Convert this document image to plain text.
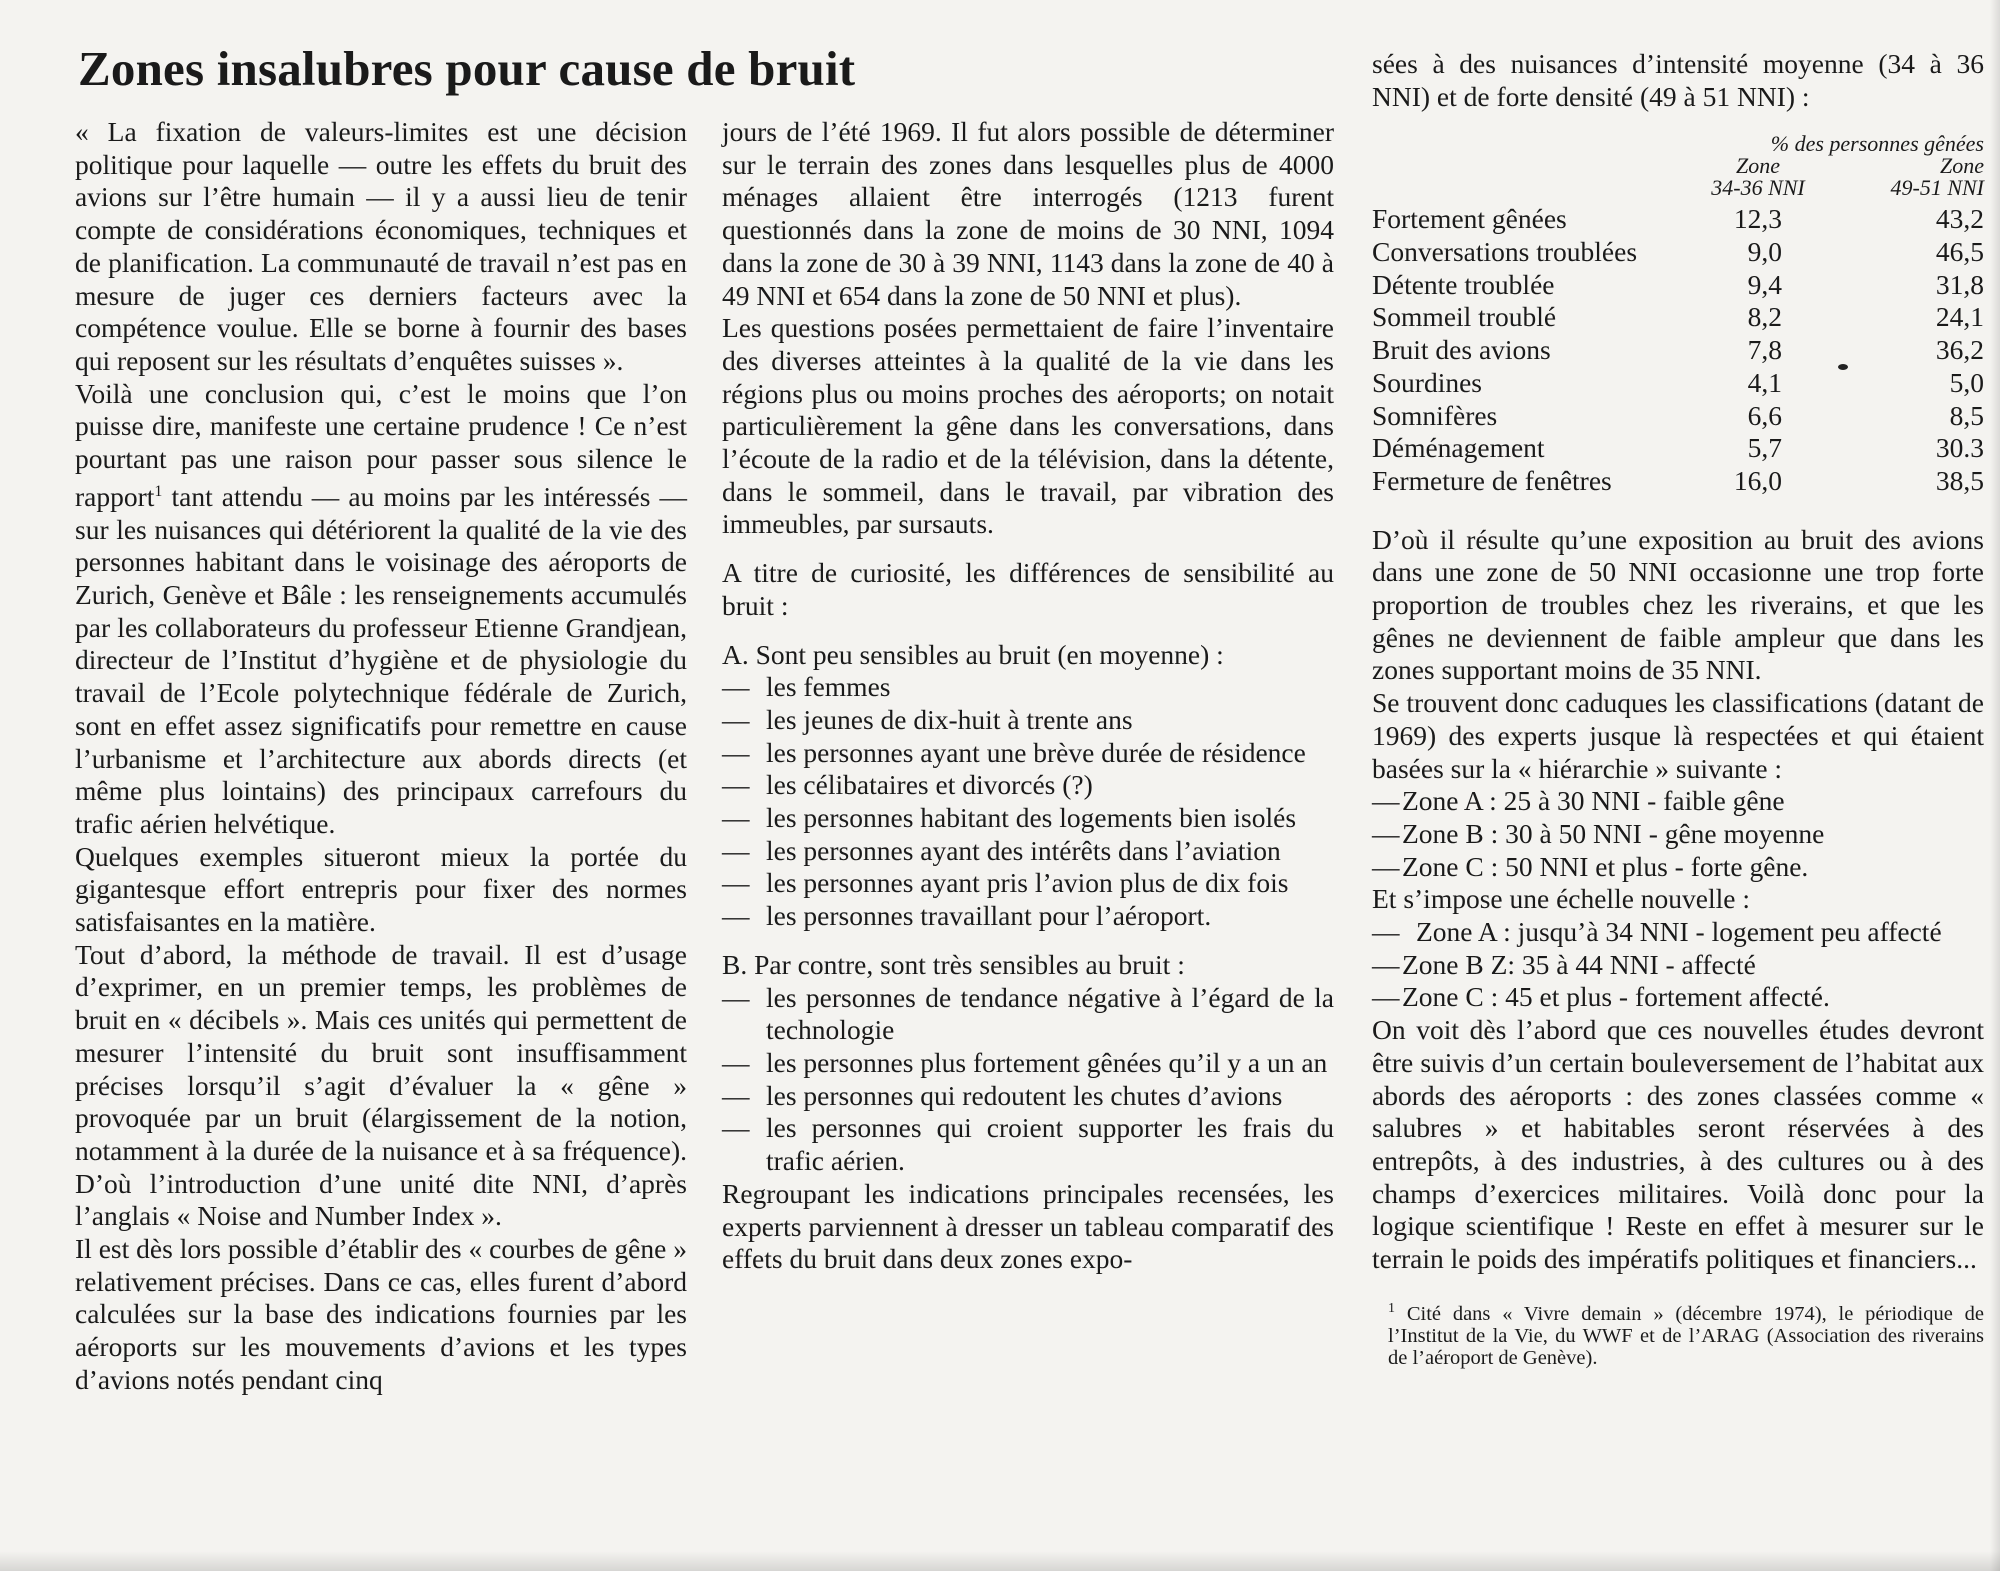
Zones insalubres pour cause de bruit

« La fixation de valeurs-limites est une décision politique pour laquelle — outre les effets du bruit des avions sur l’être humain — il y a aussi lieu de tenir compte de considérations économiques, techniques et de planification. La communauté de travail n’est pas en mesure de juger ces derniers facteurs avec la compétence voulue. Elle se borne à fournir des bases qui reposent sur les résultats d’enquêtes suisses ».

Voilà une conclusion qui, c’est le moins que l’on puisse dire, manifeste une certaine prudence ! Ce n’est pourtant pas une raison pour passer sous silence le rapport$^1$ tant attendu — au moins par les intéressés — sur les nuisances qui détériorent la qualité de la vie des personnes habitant dans le voisinage des aéroports de Zurich, Genève et Bâle : les renseignements accumulés par les collaborateurs du professeur Etienne Grandjean, directeur de l’Institut d’hygiène et de physiologie du travail de l’Ecole polytechnique fédérale de Zurich, sont en effet assez significatifs pour remettre en cause l’urbanisme et l’architecture aux abords directs (et même plus lointains) des principaux carrefours du trafic aérien helvétique.

Quelques exemples situeront mieux la portée du gigantesque effort entrepris pour fixer des normes satisfaisantes en la matière.

Tout d’abord, la méthode de travail. Il est d’usage d’exprimer, en un premier temps, les problèmes de bruit en « décibels ». Mais ces unités qui permettent de mesurer l’intensité du bruit sont insuffisamment précises lorsqu’il s’agit d’évaluer la « gêne » provoquée par un bruit (élargissement de la notion, notamment à la durée de la nuisance et à sa fréquence). D’où l’introduction d’une unité dite NNI, d’après l’anglais « Noise and Number Index ».

Il est dès lors possible d’établir des « courbes de gêne » relativement précises. Dans ce cas, elles furent d’abord calculées sur la base des indications fournies par les aéroports sur les mouvements d’avions et les types d’avions notés pendant cinq

jours de l’été 1969. Il fut alors possible de déterminer sur le terrain des zones dans lesquelles plus de 4000 ménages allaient être interrogés (1213 furent questionnés dans la zone de moins de 30 NNI, 1094 dans la zone de 30 à 39 NNI, 1143 dans la zone de 40 à 49 NNI et 654 dans la zone de 50 NNI et plus).

Les questions posées permettaient de faire l’inventaire des diverses atteintes à la qualité de la vie dans les régions plus ou moins proches des aéroports; on notait particulièrement la gêne dans les conversations, dans l’écoute de la radio et de la télévision, dans la détente, dans le sommeil, dans le travail, par vibration des immeubles, par sursauts.

A titre de curiosité, les différences de sensibilité au bruit :

A. Sont peu sensibles au bruit (en moyenne) :

— les femmes
— les jeunes de dix-huit à trente ans
— les personnes ayant une brève durée de résidence
— les célibataires et divorcés (?)
— les personnes habitant des logements bien isolés
— les personnes ayant des intérêts dans l’aviation
— les personnes ayant pris l’avion plus de dix fois
— les personnes travaillant pour l’aéroport.

B. Par contre, sont très sensibles au bruit :

— les personnes de tendance négative à l’égard de la technologie
— les personnes plus fortement gênées qu’il y a un an
— les personnes qui redoutent les chutes d’avions
— les personnes qui croient supporter les frais du trafic aérien.

Regroupant les indications principales recensées, les experts parviennent à dresser un tableau comparatif des effets du bruit dans deux zones expo-

sées à des nuisances d’intensité moyenne (34 à 36 NNI) et de forte densité (49 à 51 NNI) :

% des personnes gênées
Zone
34-36 NNI
Zone
49-51 NNI
Fortement gênées	12,3	43,2
Conversations troublées	9,0	46,5
Détente troublée	9,4	31,8
Sommeil troublé	8,2	24,1
Bruit des avions	7,8	36,2
Sourdines	4,1	5,0
Somnifères	6,6	8,5
Déménagement	5,7	30.3
Fermeture de fenêtres	16,0	38,5

D’où il résulte qu’une exposition au bruit des avions dans une zone de 50 NNI occasionne une trop forte proportion de troubles chez les riverains, et que les gênes ne deviennent de faible ampleur que dans les zones supportant moins de 35 NNI.

Se trouvent donc caduques les classifications (datant de 1969) des experts jusque là respectées et qui étaient basées sur la « hiérarchie » suivante :

— Zone A : 25 à 30 NNI - faible gêne
— Zone B : 30 à 50 NNI - gêne moyenne
— Zone C : 50 NNI et plus - forte gêne.

Et s’impose une échelle nouvelle :

— Zone A : jusqu’à 34 NNI - logement peu affecté
— Zone B Z: 35 à 44 NNI - affecté
— Zone C : 45 et plus - fortement affecté.

On voit dès l’abord que ces nouvelles études devront être suivis d’un certain bouleversement de l’habitat aux abords des aéroports : des zones classées comme « salubres » et habitables seront réservées à des entrepôts, à des industries, à des cultures ou à des champs d’exercices militaires. Voilà donc pour la logique scientifique ! Reste en effet à mesurer sur le terrain le poids des impératifs politiques et financiers...

$^1$ Cité dans « Vivre demain » (décembre 1974), le périodique de l’Institut de la Vie, du WWF et de l’ARAG (Association des riverains de l’aéroport de Genève).
